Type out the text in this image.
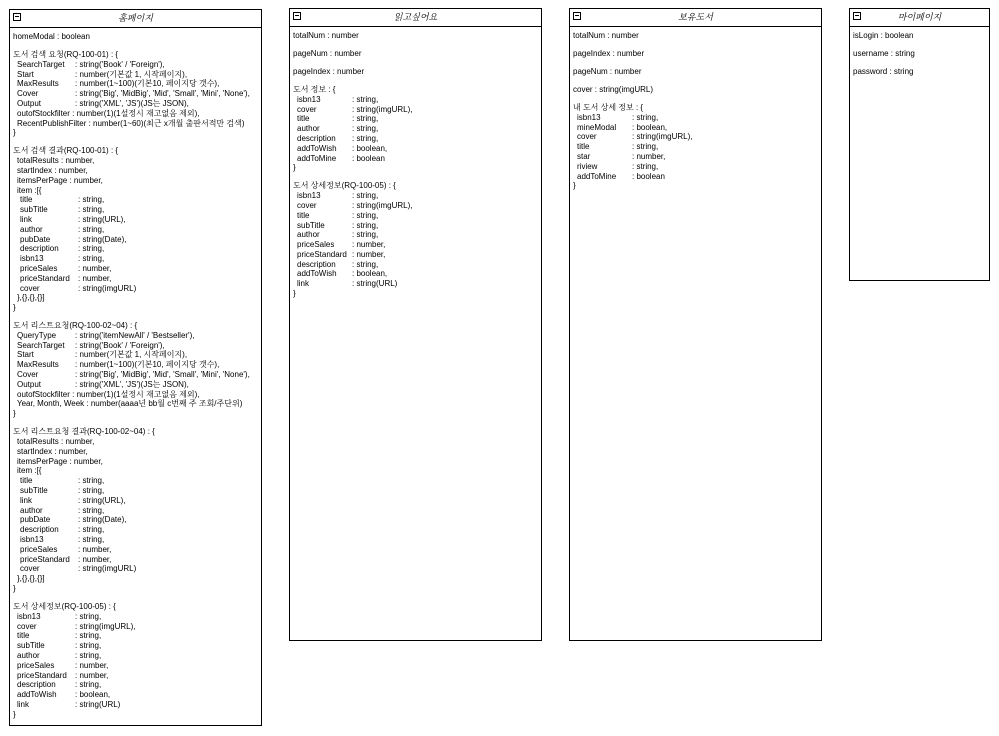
홈페이지
homeModal : boolean
도서 검색 요청(RQ-100-01) : {
SearchTarget	: string('Book' / 'Foreign'),
Start	: number(기본값 1, 시작페이지),
MaxResults	: number(1~100)(기본10, 페이지당 갯수),
Cover	: string('Big', 'MidBig', 'Mid', 'Small', 'Mini', 'None'),
Output	: string('XML', 'JS')(JS는 JSON),
outofStockfilter : number(1)(1설정시 재고없음 제외),
RecentPublishFilter : number(1~60)(최근 x개월 출판서적만 검색)
}
도서 검색 결과(RQ-100-01) : {
totalResults : number,
startIndex : number,
itemsPerPage : number,
item :[{
title	: string,
subTitle	: string,
link	: string(URL),
author	: string,
pubDate	: string(Date),
description	: string,
isbn13	: string,
priceSales	: number,
priceStandard	: number,
cover	: string(imgURL)
},{},{},{}]
}
도서 리스트요청(RQ-100-02~04) : {
QueryType	: string('itemNewAll' / 'Bestseller'),
SearchTarget	: string('Book' / 'Foreign'),
Start	: number(기본값 1, 시작페이지),
MaxResults	: number(1~100)(기본10, 페이지당 갯수),
Cover	: string('Big', 'MidBig', 'Mid', 'Small', 'Mini', 'None'),
Output	: string('XML', 'JS')(JS는 JSON),
outofStockfilter : number(1)(1설정시 재고없음 제외),
Year, Month, Week : number(aaaa년 bb월 c번째 주 조회/주단위)
}
도서 리스트요청 결과(RQ-100-02~04) : {
totalResults : number,
startIndex : number,
itemsPerPage : number,
item :[{
title	: string,
subTitle	: string,
link	: string(URL),
author	: string,
pubDate	: string(Date),
description	: string,
isbn13	: string,
priceSales	: number,
priceStandard	: number,
cover	: string(imgURL)
},{},{},{}]
}
도서 상세정보(RQ-100-05) : {
isbn13	: string,
cover	: string(imgURL),
title	: string,
subTitle	: string,
author	: string,
priceSales	: number,
priceStandard	: number,
description	: string,
addToWish	: boolean,
link	: string(URL)
}
읽고싶어요
totalNum : number
pageNum : number
pageIndex : number
도서 정보 : {
isbn13	: string,
cover	: string(imgURL),
title	: string,
author	: string,
description	: string,
addToWish	: boolean,
addToMine	: boolean
}
도서 상세정보(RQ-100-05) : {
isbn13	: string,
cover	: string(imgURL),
title	: string,
subTitle	: string,
author	: string,
priceSales	: number,
priceStandard : number,
description	: string,
addToWish	: boolean,
link	: string(URL)
}
보유도서
totalNum : number
pageIndex : number
pageNum : number
cover : string(imgURL)
내 도서 상세 정보 : {
isbn13	: string,
mineModal	: boolean,
cover	: string(imgURL),
title	: string,
star	: number,
riview	: string,
addToMine	: boolean
}
마이페이지
isLogin : boolean
username : string
password : string
